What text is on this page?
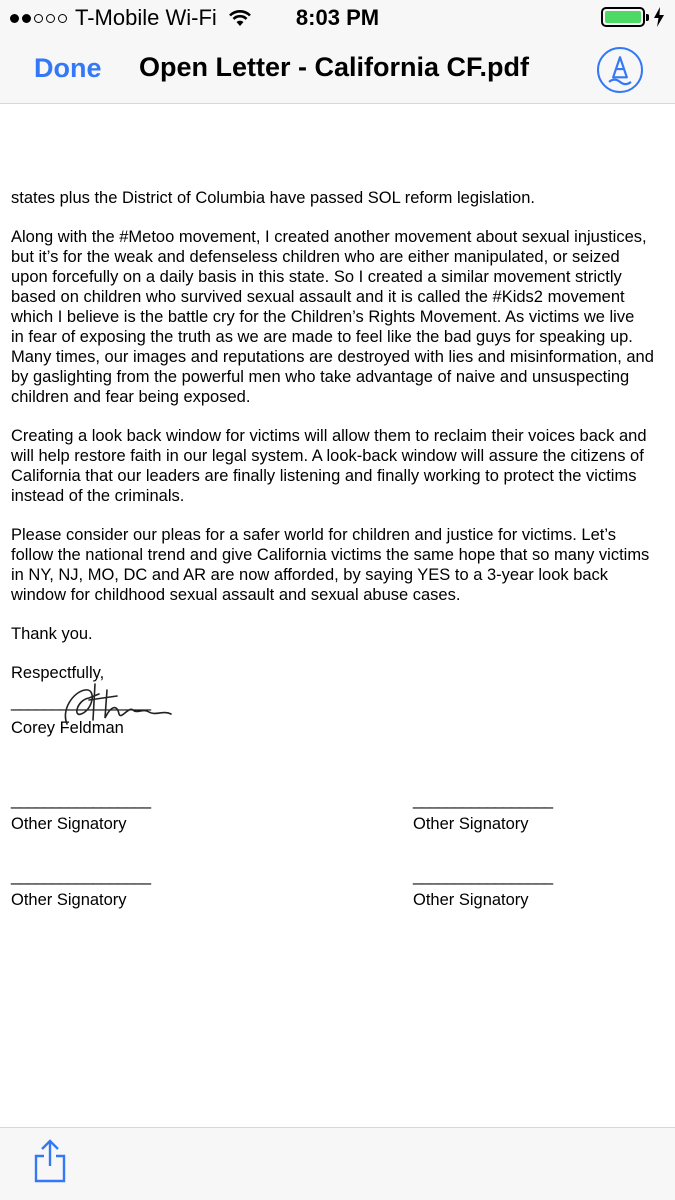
T-Mobile Wi-Fi	8:03 PM
Done Open Letter - California CF.pdf

states plus the District of Columbia have passed SOL reform legislation.

Along with the #Metoo movement, I created another movement about sexual injustices,

but it’s for the weak and defenseless children who are either manipulated, or seized

upon forcefully on a daily basis in this state. So I created a similar movement strictly

based on children who survived sexual assault and it is called the #Kids2 movement

which I believe is the battle cry for the Children’s Rights Movement. As victims we live

in fear of exposing the truth as we are made to feel like the bad guys for speaking up.

Many times, our images and reputations are destroyed with lies and misinformation, and

by gaslighting from the powerful men who take advantage of naive and unsuspecting

children and fear being exposed.

Creating a look back window for victims will allow them to reclaim their voices back and

will help restore faith in our legal system. A look-back window will assure the citizens of

California that our leaders are finally listening and finally working to protect the victims

instead of the criminals.

Please consider our pleas for a safer world for children and justice for victims. Let’s

follow the national trend and give California victims the same hope that so many victims

in NY, NJ, MO, DC and AR are now afforded, by saying YES to a 3-year look back

window for childhood sexual assault and sexual abuse cases.

Thank you.

Respectfully,

_________________
Corey Feldman
_________________
Other Signatory
_________________
Other Signatory
_________________
Other Signatory
_________________
Other Signatory
